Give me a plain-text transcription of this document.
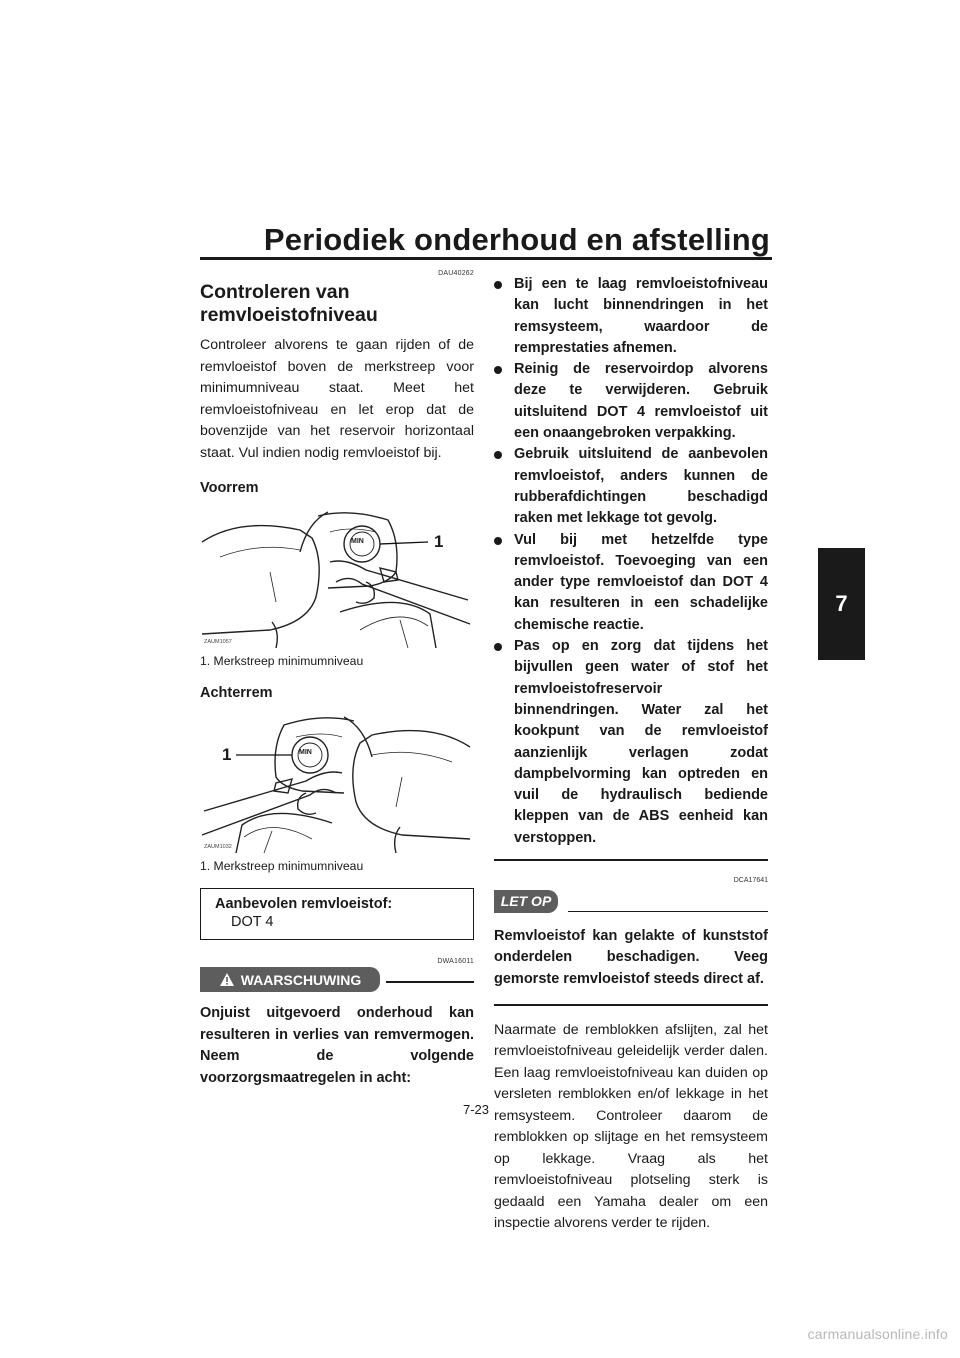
Periodiek onderhoud en afstelling
7
DAU40262
Controleren van remvloeistofniveau

Controleer alvorens te gaan rijden of de remvloeistof boven de merkstreep voor minimumniveau staat. Meet het remvloeistofniveau en let erop dat de bovenzijde van het reservoir horizontaal staat. Vul indien nodig remvloeistof bij.

Voorrem
MIN	1
ZAUM1057

1. Merkstreep minimumniveau

Achterrem
MIN
1
ZAUM1032

1. Merkstreep minimumniveau

Aanbevolen remvloeistof:
DOT 4
DWA16011
WAARSCHUWING

Onjuist uitgevoerd onderhoud kan resulteren in verlies van remvermogen. Neem de volgende voorzorgsmaatregelen in acht:

Bij een te laag remvloeistofniveau kan lucht binnendringen in het remsysteem, waardoor de remprestaties afnemen.
Reinig de reservoirdop alvorens deze te verwijderen. Gebruik uitsluitend DOT 4 remvloeistof uit een onaangebroken verpakking.
Gebruik uitsluitend de aanbevolen remvloeistof, anders kunnen de rubberafdichtingen beschadigd raken met lekkage tot gevolg.
Vul bij met hetzelfde type remvloeistof. Toevoeging van een ander type remvloeistof dan DOT 4 kan resulteren in een schadelijke chemische reactie.
Pas op en zorg dat tijdens het bijvullen geen water of stof het remvloeistofreservoir binnendringen. Water zal het kookpunt van de remvloeistof aanzienlijk verlagen zodat dampbelvorming kan optreden en vuil de hydraulisch bediende kleppen van de ABS eenheid kan verstoppen.
DCA17641
LET OP

Remvloeistof kan gelakte of kunststof onderdelen beschadigen. Veeg gemorste remvloeistof steeds direct af.

Naarmate de remblokken afslijten, zal het remvloeistofniveau geleidelijk verder dalen. Een laag remvloeistofniveau kan duiden op versleten remblokken en/of lekkage in het remsysteem. Controleer daarom de remblokken op slijtage en het remsysteem op lekkage. Vraag als het remvloeistofniveau plotseling sterk is gedaald een Yamaha dealer om een inspectie alvorens verder te rijden.

7-23
carmanualsonline.info
